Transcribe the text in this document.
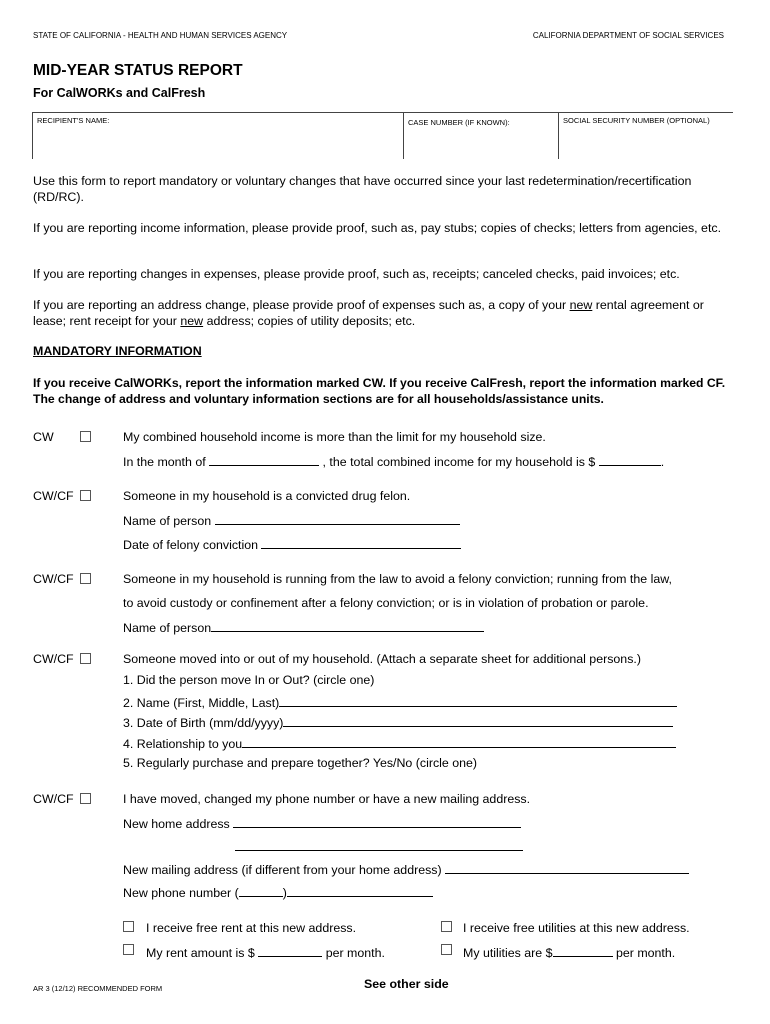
STATE OF CALIFORNIA - HEALTH AND HUMAN SERVICES AGENCY	CALIFORNIA DEPARTMENT OF SOCIAL SERVICES
MID-YEAR STATUS REPORT
For CalWORKs and CalFresh
RECIPIENT'S NAME:	CASE NUMBER (IF KNOWN):	SOCIAL SECURITY NUMBER (OPTIONAL)
Use this form to report mandatory or voluntary changes that have occurred since your last redetermination/recertification (RD/RC).
If you are reporting income information, please provide proof, such as, pay stubs; copies of checks; letters from agencies, etc.
If you are reporting changes in expenses, please provide proof, such as, receipts; canceled checks, paid invoices; etc.
If you are reporting an address change, please provide proof of expenses such as, a copy of your new rental agreement or lease; rent receipt for your new address; copies of utility deposits; etc.
MANDATORY INFORMATION
If you receive CalWORKs, report the information marked CW. If you receive CalFresh, report the information marked CF. The change of address and voluntary information sections are for all households/assistance units.
CW	My combined household income is more than the limit for my household size.
In the month of	, the total combined income for my household is $	.
CW/CF	Someone in my household is a convicted drug felon.
Name of person
Date of felony conviction
CW/CF	Someone in my household is running from the law to avoid a felony conviction; running from the law,
to avoid custody or confinement after a felony conviction; or is in violation of probation or parole.
Name of person
CW/CF	Someone moved into or out of my household. (Attach a separate sheet for additional persons.)
1. Did the person move In or Out? (circle one)
2. Name (First, Middle, Last)
3. Date of Birth (mm/dd/yyyy)
4. Relationship to you
5. Regularly purchase and prepare together? Yes/No (circle one)
CW/CF	I have moved, changed my phone number or have a new mailing address.
New home address
New mailing address (if different from your home address)
New phone number (	)
I receive free rent at this new address.	I receive free utilities at this new address.
My rent amount is $	per month.	My utilities are $	per month.
AR 3 (12/12) RECOMMENDED FORM	See other side
